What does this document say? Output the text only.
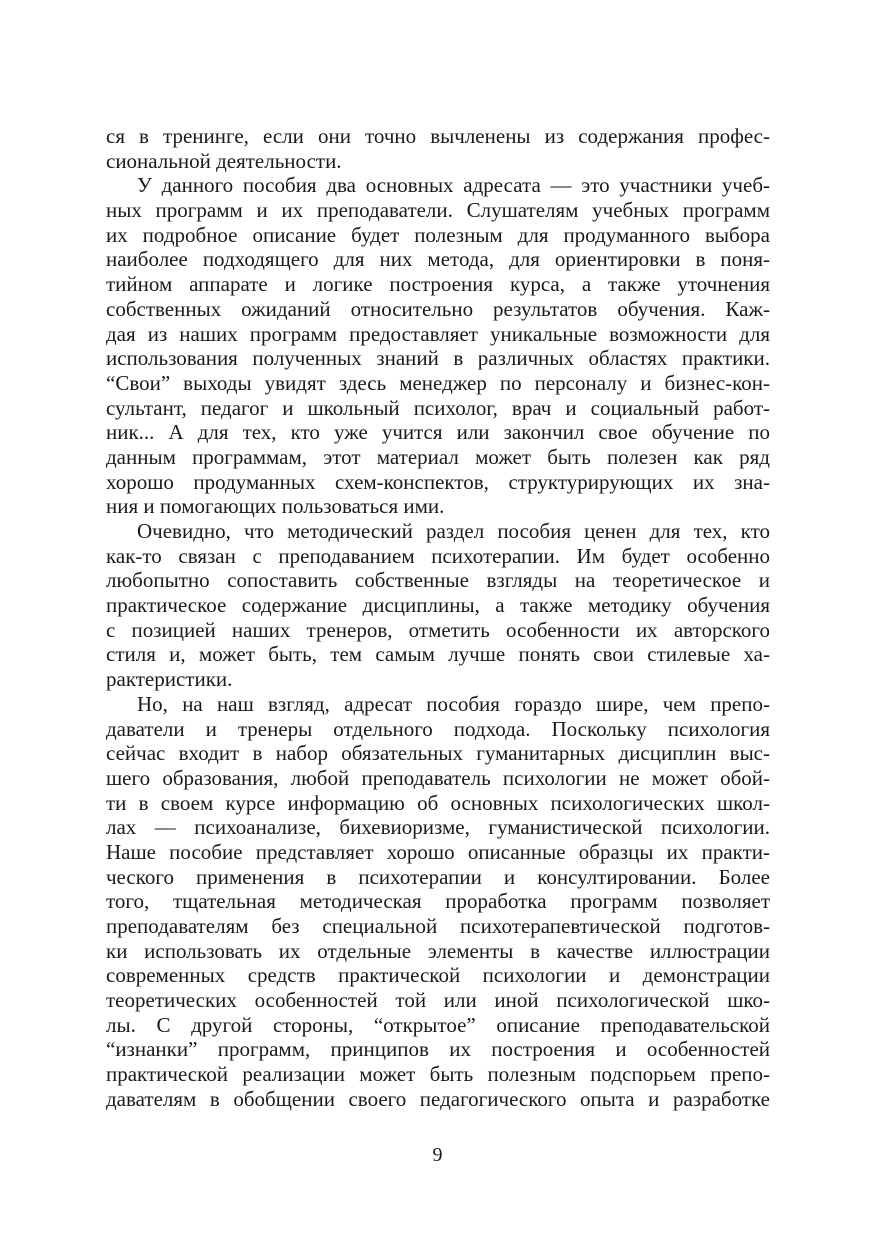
ся в тренинге, если они точно вычленены из содержания профес-
сиональной деятельности.
У данного пособия два основных адресата — это участники учеб-
ных программ и их преподаватели. Слушателям учебных программ
их подробное описание будет полезным для продуманного выбора
наиболее подходящего для них метода, для ориентировки в поня-
тийном аппарате и логике построения курса, а также уточнения
собственных ожиданий относительно результатов обучения. Каж-
дая из наших программ предоставляет уникальные возможности для
использования полученных знаний в различных областях практики.
“Свои” выходы увидят здесь менеджер по персоналу и бизнес-кон-
сультант, педагог и школьный психолог, врач и социальный работ-
ник... А для тех, кто уже учится или закончил свое обучение по
данным программам, этот материал может быть полезен как ряд
хорошо продуманных схем-конспектов, структурирующих их зна-
ния и помогающих пользоваться ими.
Очевидно, что методический раздел пособия ценен для тех, кто
как-то связан с преподаванием психотерапии. Им будет особенно
любопытно сопоставить собственные взгляды на теоретическое и
практическое содержание дисциплины, а также методику обучения
с позицией наших тренеров, отметить особенности их авторского
стиля и, может быть, тем самым лучше понять свои стилевые ха-
рактеристики.
Но, на наш взгляд, адресат пособия гораздо шире, чем препо-
даватели и тренеры отдельного подхода. Поскольку психология
сейчас входит в набор обязательных гуманитарных дисциплин выс-
шего образования, любой преподаватель психологии не может обой-
ти в своем курсе информацию об основных психологических школ-
лах — психоанализе, бихевиоризме, гуманистической психологии.
Наше пособие представляет хорошо описанные образцы их практи-
ческого применения в психотерапии и консултировании. Более
того, тщательная методическая проработка программ позволяет
преподавателям без специальной психотерапевтической подготов-
ки использовать их отдельные элементы в качестве иллюстрации
современных средств практической психологии и демонстрации
теоретических особенностей той или иной психологической шко-
лы. С другой стороны, “открытое” описание преподавательской
“изнанки” программ, принципов их построения и особенностей
практической реализации может быть полезным подспорьем препо-
давателям в обобщении своего педагогического опыта и разработке
9
